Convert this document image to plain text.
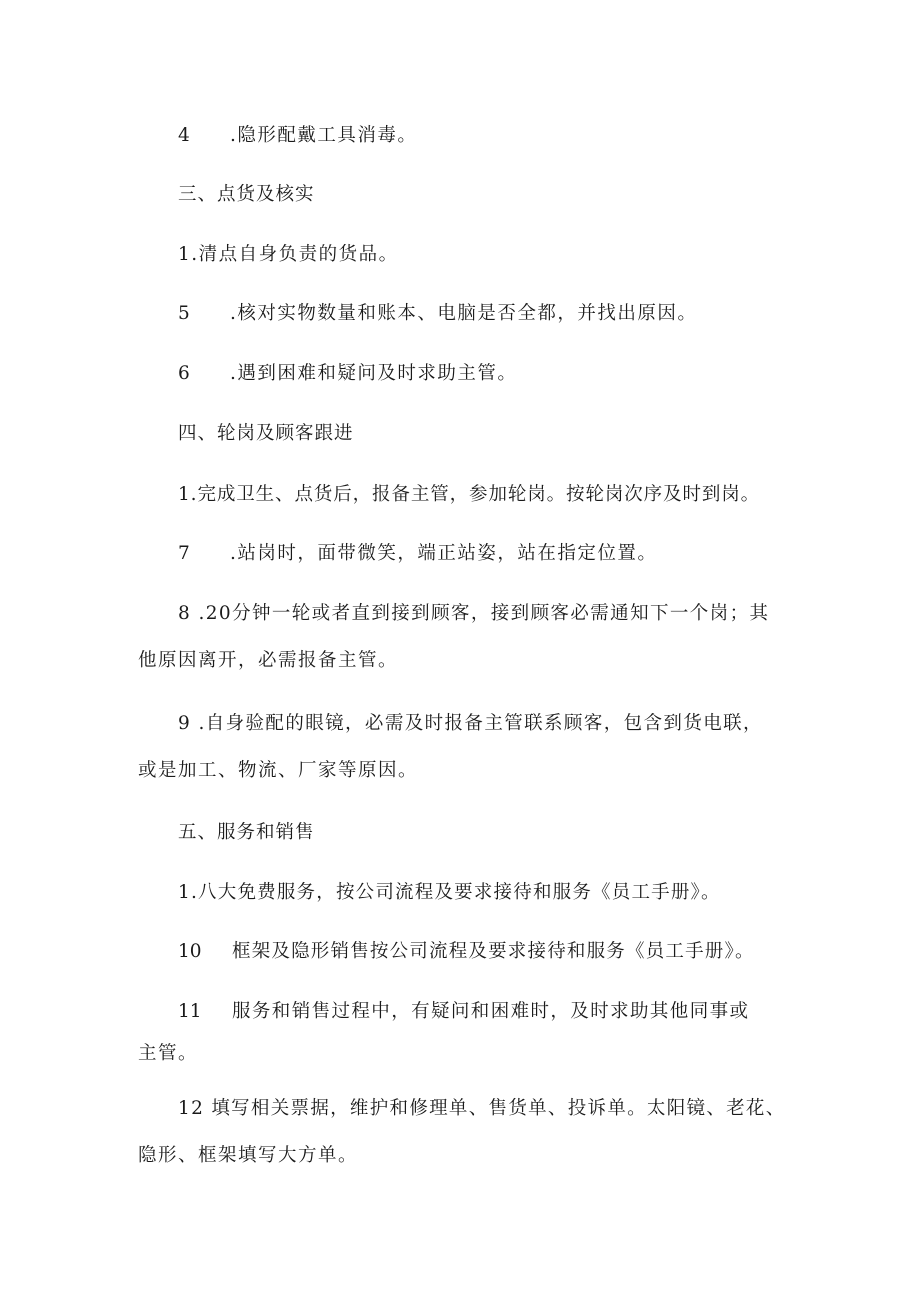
4 .隐形配戴工具消毒。
三、点货及核实
1.清点自身负责的货品。
5 .核对实物数量和账本、电脑是否全都，并找出原因。
6 .遇到困难和疑问及时求助主管。
四、轮岗及顾客跟进
1.完成卫生、点货后，报备主管，参加轮岗。按轮岗次序及时到岗。
7 .站岗时，面带微笑，端正站姿，站在指定位置。
8 .20分钟一轮或者直到接到顾客，接到顾客必需通知下一个岗；其
他原因离开，必需报备主管。
9 .自身验配的眼镜，必需及时报备主管联系顾客，包含到货电联，
或是加工、物流、厂家等原因。
五、服务和销售
1.八大免费服务，按公司流程及要求接待和服务《员工手册》。
10 框架及隐形销售按公司流程及要求接待和服务《员工手册》。
11 服务和销售过程中，有疑问和困难时，及时求助其他同事或
主管。
12 填写相关票据，维护和修理单、售货单、投诉单。太阳镜、老花、
隐形、框架填写大方单。
